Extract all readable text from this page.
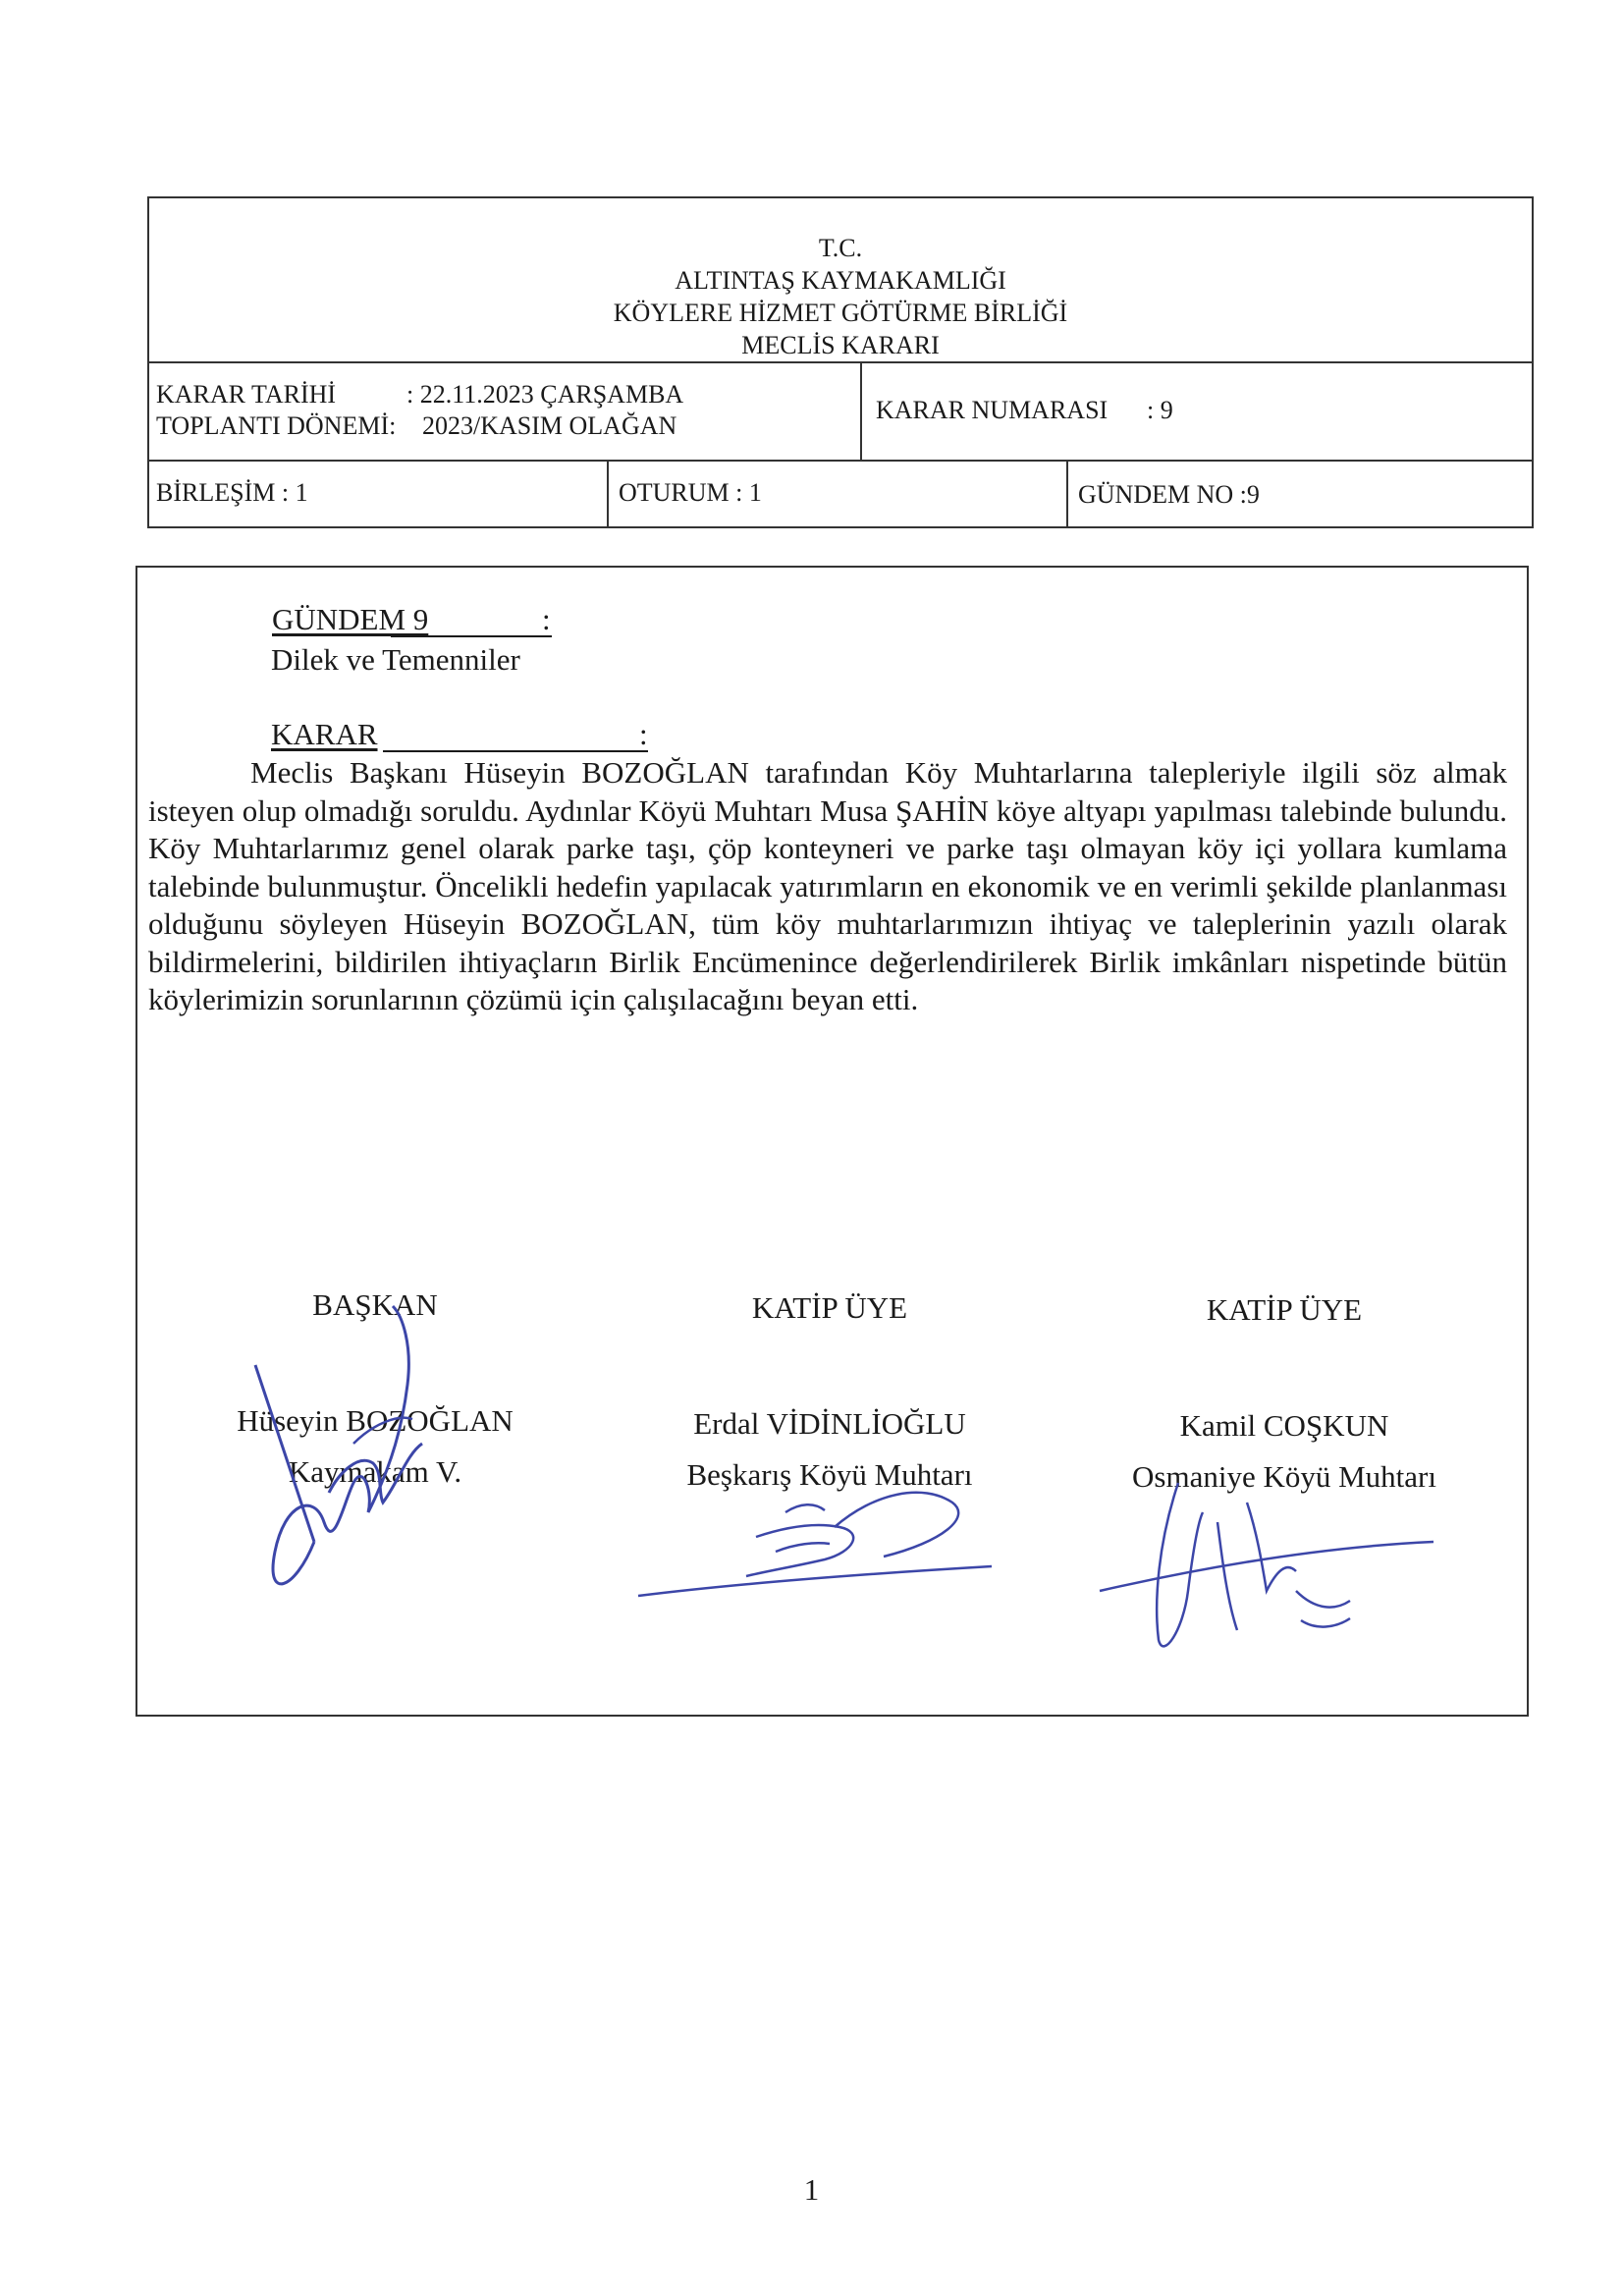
T.C.
ALTINTAŞ KAYMAKAMLIĞI
KÖYLERE HİZMET GÖTÜRME BİRLİĞİ
MECLİS KARARI
KARAR TARİHİ	: 22.11.2023 ÇARŞAMBA
TOPLANTI DÖNEMİ: 2023/KASIM OLAĞAN
KARAR NUMARASI : 9
BİRLEŞİM : 1	OTURUM : 1	GÜNDEM NO :9
GÜNDEM 9	:
Dilek ve Temenniler
KARAR	:
Meclis Başkanı Hüseyin BOZOĞLAN tarafından Köy Muhtarlarına talepleriyle ilgili söz almak isteyen olup olmadığı soruldu. Aydınlar Köyü Muhtarı Musa ŞAHİN köye altyapı yapılması talebinde bulundu. Köy Muhtarlarımız genel olarak parke taşı, çöp konteyneri ve parke taşı olmayan köy içi yollara kumlama talebinde bulunmuştur. Öncelikli hedefin yapılacak yatırımların en ekonomik ve en verimli şekilde planlanması olduğunu söyleyen Hüseyin BOZOĞLAN, tüm köy muhtarlarımızın ihtiyaç ve taleplerinin yazılı olarak bildirmelerini, bildirilen ihtiyaçların Birlik Encümenince değerlendirilerek Birlik imkânları nispetinde bütün köylerimizin sorunlarının çözümü için çalışılacağını beyan etti.
BAŞKAN
Hüseyin BOZOĞLAN
Kaymakam V.
KATİP ÜYE
Erdal VİDİNLİOĞLU
Beşkarış Köyü Muhtarı
KATİP ÜYE
Kamil COŞKUN
Osmaniye Köyü Muhtarı
1
